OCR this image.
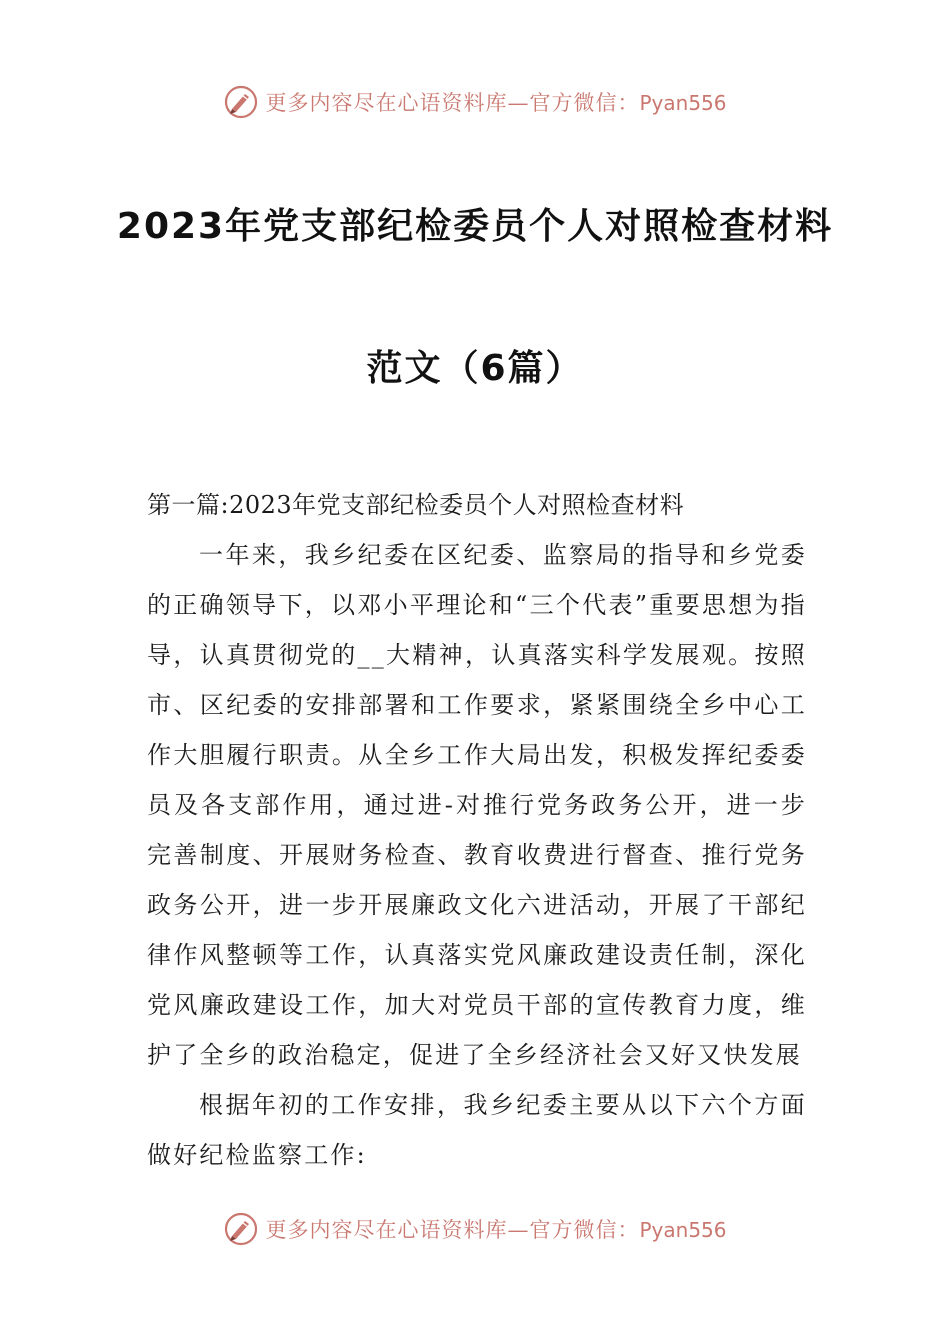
更多内容尽在心语资料库—官方微信：Pyan556
2023年党支部纪检委员个人对照检查材料
范文（6篇）

第一篇:2023年党支部纪检委员个人对照检查材料

一年来，我乡纪委在区纪委、监察局的指导和乡党委的正确领导下，以邓小平理论和“三个代表”重要思想为指导，认真贯彻党的__大精神，认真落实科学发展观。按照市、区纪委的安排部署和工作要求，紧紧围绕全乡中心工作大胆履行职责。从全乡工作大局出发，积极发挥纪委委员及各支部作用，通过进-对推行党务政务公开，进一步完善制度、开展财务检查、教育收费进行督查、推行党务政务公开，进一步开展廉政文化六进活动，开展了干部纪律作风整顿等工作，认真落实党风廉政建设责任制，深化党风廉政建设工作，加大对党员干部的宣传教育力度，维护了全乡的政治稳定，促进了全乡经济社会又好又快发展

根据年初的工作安排，我乡纪委主要从以下六个方面做好纪检监察工作:

更多内容尽在心语资料库—官方微信：Pyan556
